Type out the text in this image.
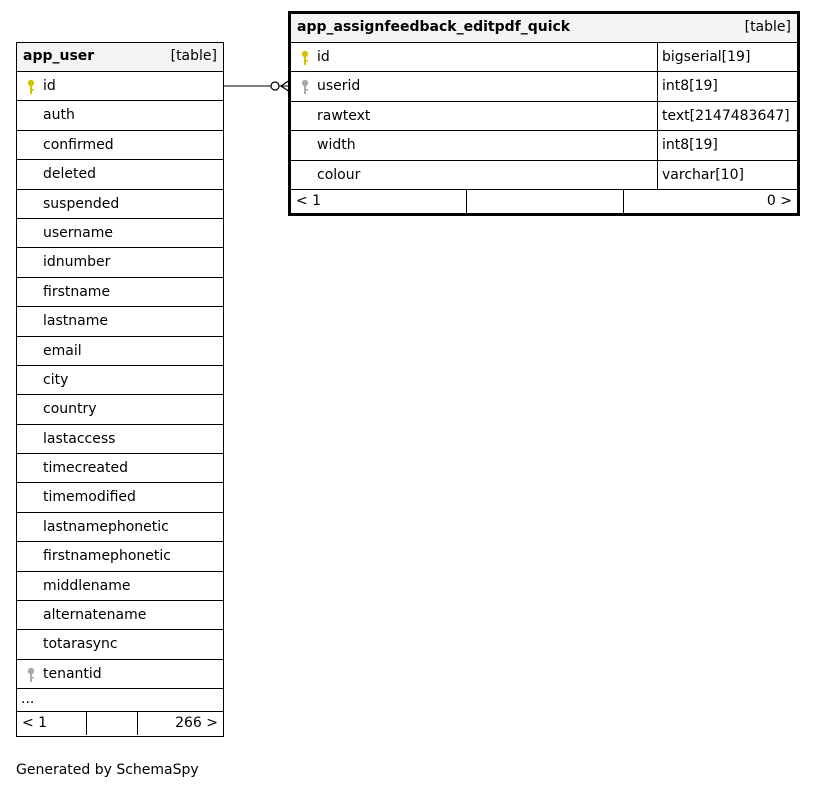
app_user	[table]
id
auth
confirmed
deleted
suspended
username
idnumber
firstname
lastname
email
city
country
lastaccess
timecreated
timemodified
lastnamephonetic
firstnamephonetic
middlename
alternatename
totarasync
tenantid
...
< 1	266 >
app_assignfeedback_editpdf_quick	[table]
id	bigserial[19]
userid	int8[19]
rawtext	text[2147483647]
width	int8[19]
colour	varchar[10]
< 1	0 >
Generated by SchemaSpy
